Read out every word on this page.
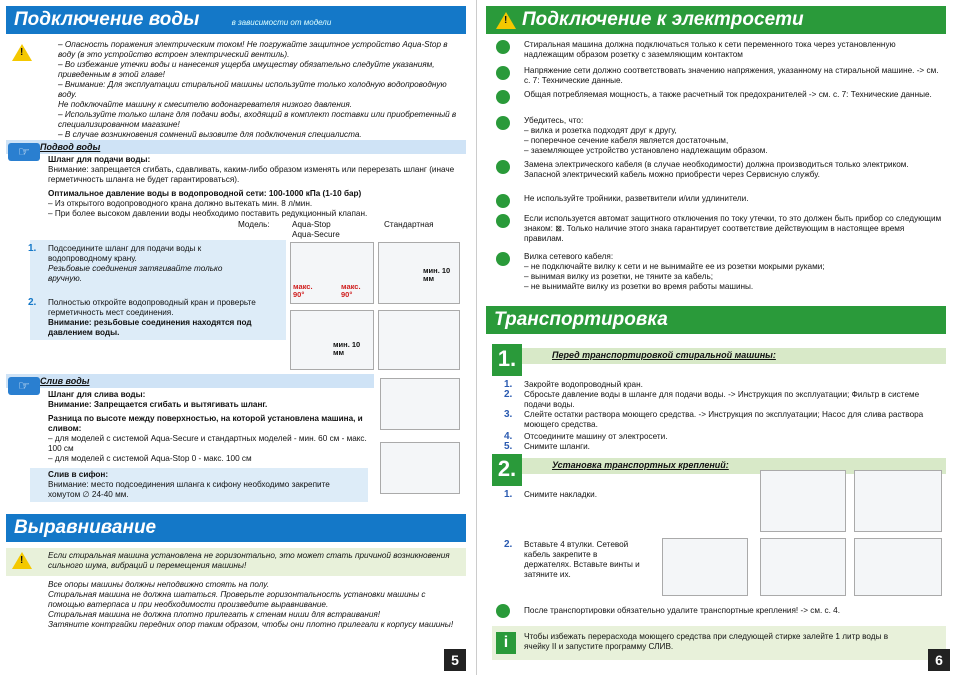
Подключение воды	в зависимости от модели
!
– Опасность поражения электрическим током! Не погружайте защитное устройство Aqua-Stop в воду (в это устройство встроен электрический вентиль).
– Во избежание утечки воды и нанесения ущерба имуществу обязательно следуйте указаниям, приведенным в этой главе!
– Внимание: Для эксплуатации стиральной машины используйте только холодную водопроводную воду.
Не подключайте машину к смесителю водонагревателя низкого давления.
– Используйте только шланг для подачи воды, входящий в комплект поставки или приобретенный в специализированном магазине!
– В случае возникновения сомнений вызовите для подключения специалиста.
Подвод воды
☞
Шланг для подачи воды:
Внимание: запрещается сгибать, сдавливать, каким-либо образом изменять или перерезать шланг (иначе герметичность шланга не будет гарантироваться).
Оптимальное давление воды в водопроводной сети: 100-1000 кПа (1-10 бар)
– Из открытого водопроводного крана должно вытекать мин. 8 л/мин.
– При более высоком давлении воды необходимо поставить редукционный клапан.
Модель:	Aqua-Stop
Aqua-Secure
Стандартная
1. Подсоедините шланг для подачи воды к водопроводному крану.
Резьбовые соединения затягивайте только вручную.
макс. 90°
макс. 90°
мин. 10 мм
2. Полностью откройте водопроводный кран и проверьте герметичность мест соединения.
Внимание: резьбовые соединения находятся под давлением воды.
мин. 10 мм
Слив воды
☞
Шланг для слива воды:
Внимание: Запрещается сгибать и вытягивать шланг.
Разница по высоте между поверхностью, на которой установлена машина, и сливом:
– для моделей с системой Aqua-Secure и стандартных моделей - мин. 60 см - макс. 100 см
– для моделей с системой Aqua-Stop 0 - макс. 100 см
Слив в сифон:
Внимание: место подсоединения шланга к сифону необходимо закрепите хомутом ∅ 24-40 мм.
Выравнивание
!	Если стиральная машина установлена не горизонтально, это может стать причиной возникновения сильного шума, вибраций и перемещения машины!
Все опоры машины должны неподвижно стоять на полу.
Стиральная машина не должна шататься. Проверьте горизонтальность установки машины с помощью ватерпаса и при необходимости произведите выравнивание.
Стиральная машина не должна плотно прилегать к стенам ниши для встраивания!
Затяните контргайки передних опор таким образом, чтобы они плотно прилегали к корпусу машины!
5
Подключение к электросети
!
Стиральная машина должна подключаться только к сети переменного тока через установленную надлежащим образом розетку с заземляющим контактом
Напряжение сети должно соответствовать значению напряжения, указанному на стиральной машине. -> см. с. 7: Технические данные.
Общая потребляемая мощность, а также расчетный ток предохранителей -> см. с. 7: Технические данные.
Убедитесь, что:
– вилка и розетка подходят друг к другу,
– поперечное сечение кабеля является достаточным,
– заземляющее устройство установлено надлежащим образом.
Замена электрического кабеля (в случае необходимости) должна производиться только электриком. Запасной электрический кабель можно приобрести через Сервисную службу.
Не используйте тройники, разветвители и/или удлинители.
Если используется автомат защитного отключения по току утечки, то это должен быть прибор со следующим знаком: ⊠. Только наличие этого знака гарантирует соответствие действующим в настоящее время правилам.
Вилка сетевого кабеля:
– не подключайте вилку к сети и не вынимайте ее из розетки мокрыми руками;
– вынимая вилку из розетки, не тяните за кабель;
– не вынимайте вилку из розетки во время работы машины.
Транспортировка
Перед транспортировкой стиральной машины:
1.
1. Закройте водопроводный кран.
2. Сбросьте давление воды в шланге для подачи воды. -> Инструкция по эксплуатации; Фильтр в системе подачи воды.
3. Слейте остатки раствора моющего средства. -> Инструкция по эксплуатации; Насос для слива раствора моющего средства.
4. Отсоедините машину от электросети.
5. Снимите шланги.
Установка транспортных креплений:
2.
1. Снимите накладки.
2. Вставьте 4 втулки. Сетевой кабель закрепите в держателях. Вставьте винты и затяните их.
После транспортировки обязательно удалите транспортные крепления! -> см. с. 4.
i	Чтобы избежать перерасхода моющего средства при следующей стирке залейте 1 литр воды в ячейку II и запустите программу СЛИВ.
6
